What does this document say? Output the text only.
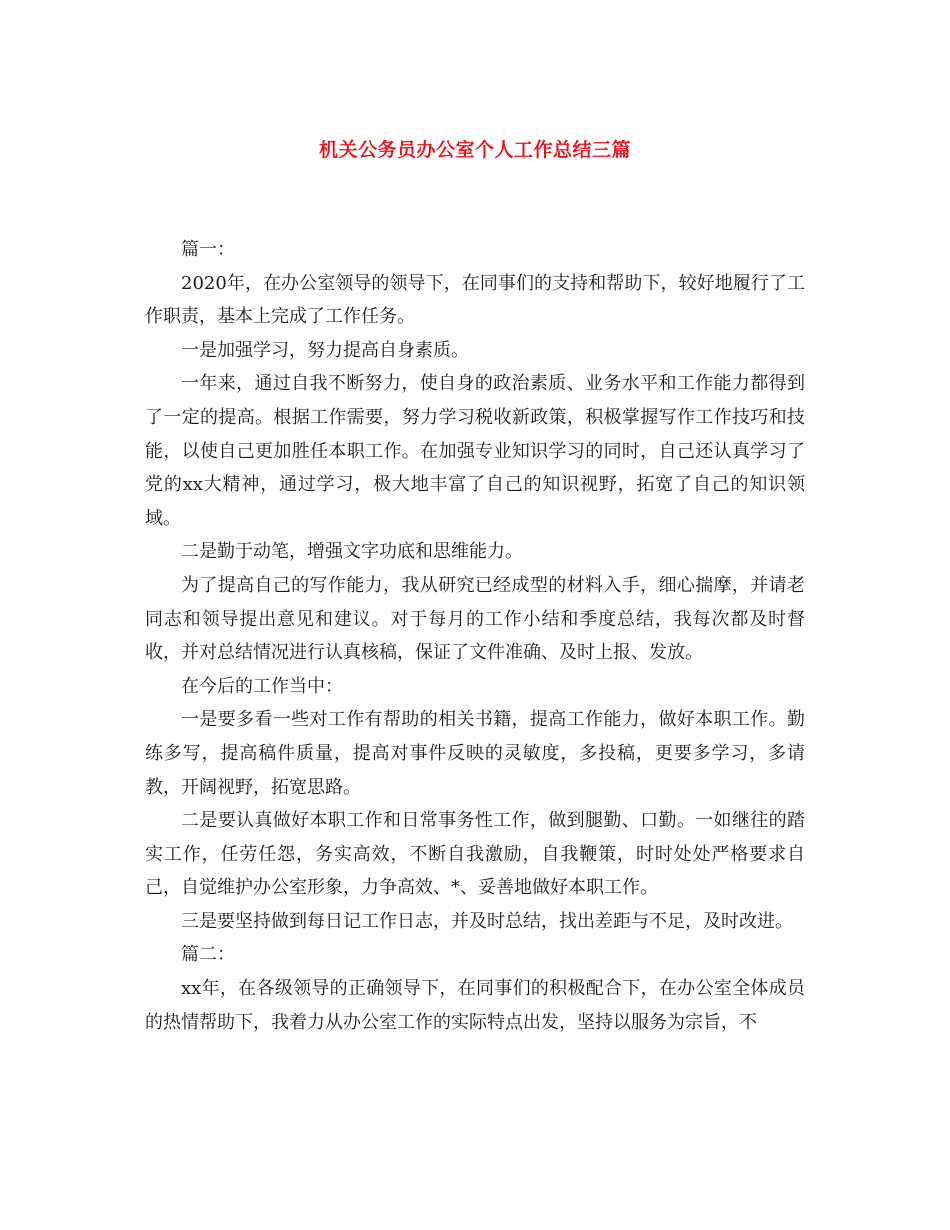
机关公务员办公室个人工作总结三篇

篇一：

2020年，在办公室领导的领导下，在同事们的支持和帮助下，较好地履行了工作职责，基本上完成了工作任务。

一是加强学习，努力提高自身素质。

一年来，通过自我不断努力，使自身的政治素质、业务水平和工作能力都得到了一定的提高。根据工作需要，努力学习税收新政策，积极掌握写作工作技巧和技能，以使自己更加胜任本职工作。在加强专业知识学习的同时，自己还认真学习了党的xx大精神，通过学习，极大地丰富了自己的知识视野，拓宽了自己的知识领域。

二是勤于动笔，增强文字功底和思维能力。

为了提高自己的写作能力，我从研究已经成型的材料入手，细心揣摩，并请老同志和领导提出意见和建议。对于每月的工作小结和季度总结，我每次都及时督收，并对总结情况进行认真核稿，保证了文件准确、及时上报、发放。

在今后的工作当中：

一是要多看一些对工作有帮助的相关书籍，提高工作能力，做好本职工作。勤练多写，提高稿件质量，提高对事件反映的灵敏度，多投稿，更要多学习，多请教，开阔视野，拓宽思路。

二是要认真做好本职工作和日常事务性工作，做到腿勤、口勤。一如继往的踏实工作，任劳任怨，务实高效，不断自我激励，自我鞭策，时时处处严格要求自己，自觉维护办公室形象，力争高效、*、妥善地做好本职工作。

三是要坚持做到每日记工作日志，并及时总结，找出差距与不足，及时改进。

篇二：

xx年，在各级领导的正确领导下，在同事们的积极配合下，在办公室全体成员的热情帮助下，我着力从办公室工作的实际特点出发，坚持以服务为宗旨，不
